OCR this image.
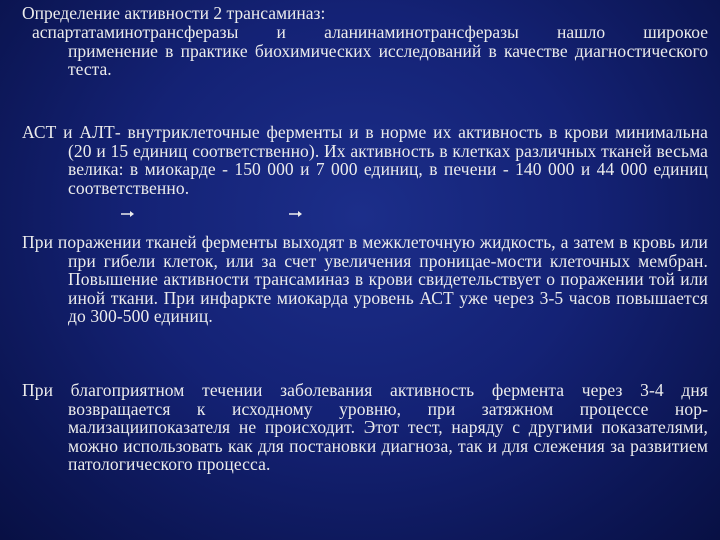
Определение активности 2 трансаминаз:
аспартатаминотрансферазы и аланинаминотрансферазы нашло широкое
применение в практике биохимических исследований в качестве диагностического теста.
АСТ и АЛТ- внутриклеточные ферменты и в норме их активность в крови минимальна (20 и 15 единиц соответственно). Их активность в клетках различных тканей весьма велика: в миокарде - 150 000 и 7 000 единиц, в печени - 140 000 и 44 000 единиц соответственно.
При поражении тканей ферменты выходят в межклеточную жидкость, а затем в кровь или при гибели клеток, или за счет увеличения проницае-мости клеточных мембран. Повышение активности трансаминаз в крови свидетельствует о поражении той или иной ткани. При инфаркте миокарда уровень АСТ уже через 3-5 часов повышается до 300-500 единиц.
При благоприятном течении заболевания активность фермента через 3-4 дня возвращается к исходному уровню, при затяжном процессе нор-мализациипоказателя не происходит. Этот тест, наряду с другими показателями, можно использовать как для постановки диагноза, так и для слежения за развитием патологического процесса.
